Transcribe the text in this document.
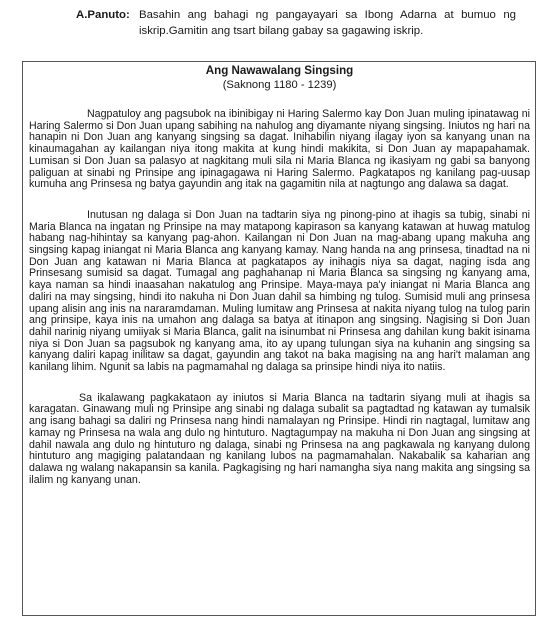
A.Panuto: Basahin ang bahagi ng pangayayari sa Ibong Adarna at bumuo ng iskrip.Gamitin ang tsart bilang gabay sa gagawing iskrip.

Ang Nawawalang Singsing

(Saknong 1180 - 1239)

Nagpatuloy ang pagsubok na ibinibigay ni Haring Salermo kay Don Juan muling ipinatawag ni Haring Salermo si Don Juan upang sabihing na nahulog ang diyamante niyang singsing. Iniutos ng hari na hanapin ni Don Juan ang kanyang singsing sa dagat. Inihabilin niyang ilagay iyon sa kanyang unan na kinaumagahan ay kailangan niya itong makita at kung hindi makikita, si Don Juan ay mapapahamak. Lumisan si Don Juan sa palasyo at nagkitang muli sila ni Maria Blanca ng ikasiyam ng gabi sa banyong paliguan at sinabi ng Prinsipe ang ipinagagawa ni Haring Salermo. Pagkatapos ng kanilang pag-uusap kumuha ang Prinsesa ng batya gayundin ang itak na gagamitin nila at nagtungo ang dalawa sa dagat.

Inutusan ng dalaga si Don Juan na tadtarin siya ng pinong-pino at ihagis sa tubig, sinabi ni Maria Blanca na ingatan ng Prinsipe na may matapong kapirason sa kanyang katawan at huwag matulog habang nag-hihintay sa kanyang pag-ahon. Kailangan ni Don Juan na mag-abang upang makuha ang singsing kapag iniangat ni Maria Blanca ang kanyang kamay. Nang handa na ang prinsesa, tinadtad na ni Don Juan ang katawan ni Maria Blanca at pagkatapos ay inihagis niya sa dagat, naging isda ang Prinsesang sumisid sa dagat. Tumagal ang paghahanap ni Maria Blanca sa singsing ng kanyang ama, kaya naman sa hindi inaasahan nakatulog ang Prinsipe. Maya-maya pa'y iniangat ni Maria Blanca ang daliri na may singsing, hindi ito nakuha ni Don Juan dahil sa himbing ng tulog. Sumisid muli ang prinsesa upang alisin ang inis na nararamdaman. Muling lumitaw ang Prinsesa at nakita niyang tulog na tulog parin ang prinsipe, kaya inis na umahon ang dalaga sa batya at itinapon ang singsing. Nagising si Don Juan dahil narinig niyang umiiyak si Maria Blanca, galit na isinumbat ni Prinsesa ang dahilan kung bakit isinama niya si Don Juan sa pagsubok ng kanyang ama, ito ay upang tulungan siya na kuhanin ang singsing sa kanyang daliri kapag inilitaw sa dagat, gayundin ang takot na baka magising na ang hari't malaman ang kanilang lihim. Ngunit sa labis na pagmamahal ng dalaga sa prinsipe hindi niya ito natiis.

Sa ikalawang pagkakataon ay iniutos si Maria Blanca na tadtarin siyang muli at ihagis sa karagatan. Ginawang muli ng Prinsipe ang sinabi ng dalaga subalit sa pagtadtad ng katawan ay tumalsik ang isang bahagi sa daliri ng Prinsesa nang hindi namalayan ng Prinsipe. Hindi rin nagtagal, lumitaw ang kamay ng Prinsesa na wala ang dulo ng hintuturo. Nagtagumpay na makuha ni Don Juan ang singsing at dahil nawala ang dulo ng hintuturo ng dalaga, sinabi ng Prinsesa na ang pagkawala ng kanyang dulong hintuturo ang magiging palatandaan ng kanilang lubos na pagmamahalan. Nakabalik sa kaharian ang dalawa ng walang nakapansin sa kanila. Pagkagising ng hari namangha siya nang makita ang singsing sa ilalim ng kanyang unan.
